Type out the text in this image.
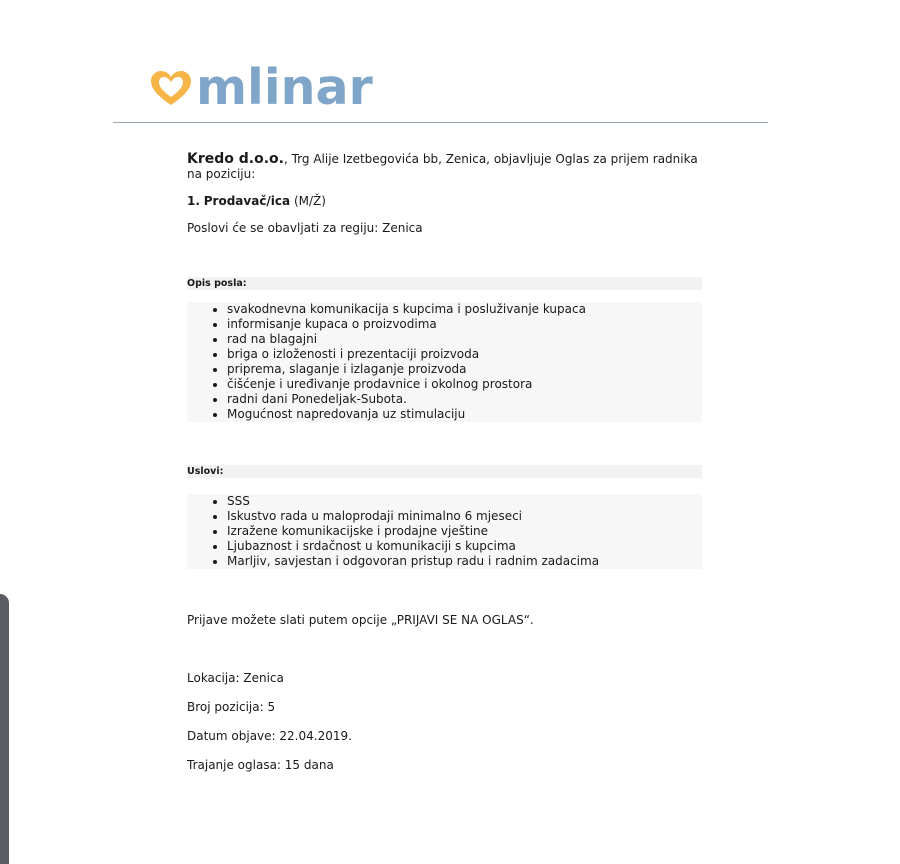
mlinar

Kredo d.o.o., Trg Alije Izetbegovića bb, Zenica, objavljuje Oglas za prijem radnika na poziciju:

1. Prodavač/ica (M/Ž)

Poslovi će se obavljati za regiju: Zenica

Opis posla:
• svakodnevna komunikacija s kupcima i posluživanje kupaca
• informisanje kupaca o proizvodima
• rad na blagajni
• briga o izloženosti i prezentaciji proizvoda
• priprema, slaganje i izlaganje proizvoda
• čišćenje i uređivanje prodavnice i okolnog prostora
• radni dani Ponedeljak-Subota.
• Mogućnost napredovanja uz stimulaciju
Uslovi:
• SSS
• Iskustvo rada u maloprodaji minimalno 6 mjeseci
• Izražene komunikacijske i prodajne vještine
• Ljubaznost i srdačnost u komunikaciji s kupcima
• Marljiv, savjestan i odgovoran pristup radu i radnim zadacima

Prijave možete slati putem opcije „PRIJAVI SE NA OGLAS“.

Lokacija: Zenica

Broj pozicija: 5

Datum objave: 22.04.2019.

Trajanje oglasa: 15 dana
